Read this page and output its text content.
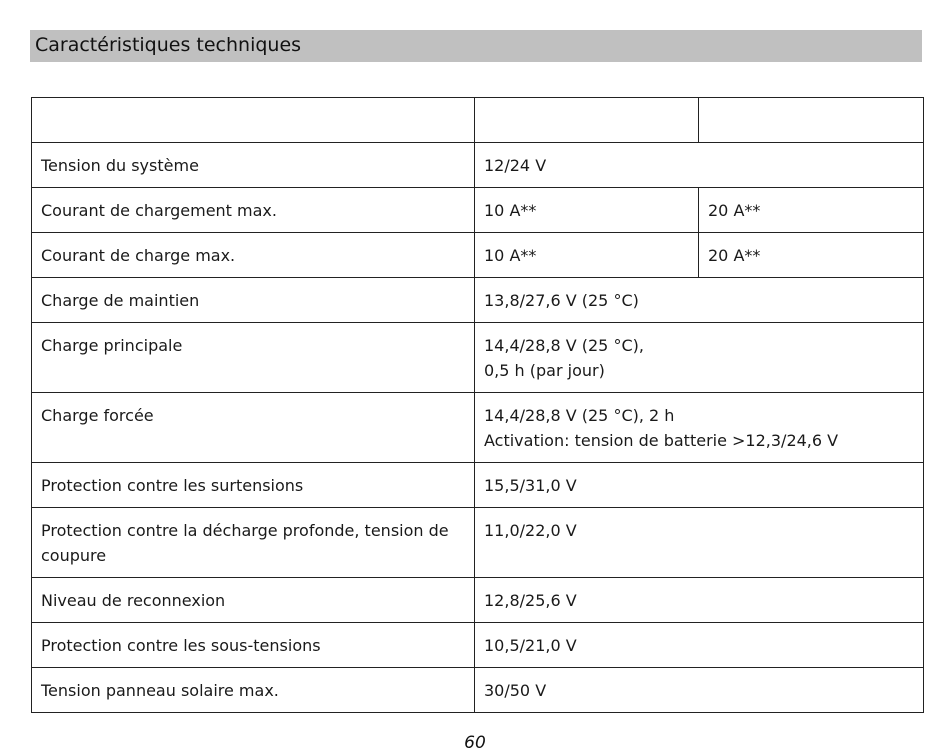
Caractéristiques techniques

Tension du système	12/24 V	
Courant de chargement max.	10 A**	20 A**
Courant de charge max.	10 A**	20 A**
Charge de maintien	13,8/27,6 V (25 °C)	
Charge principale	14,4/28,8 V (25 °C),
0,5 h (par jour)	

Charge forcée	14,4/28,8 V (25 °C), 2 h
Activation: tension de batterie >12,3/24,6 V	

Protection contre les surtensions	15,5/31,0 V	
Protection contre la décharge profonde, tension de coupure	11,0/22,0 V	
Niveau de reconnexion	12,8/25,6 V	
Protection contre les sous-tensions	10,5/21,0 V	
Tension panneau solaire max.	30/50 V	
60
